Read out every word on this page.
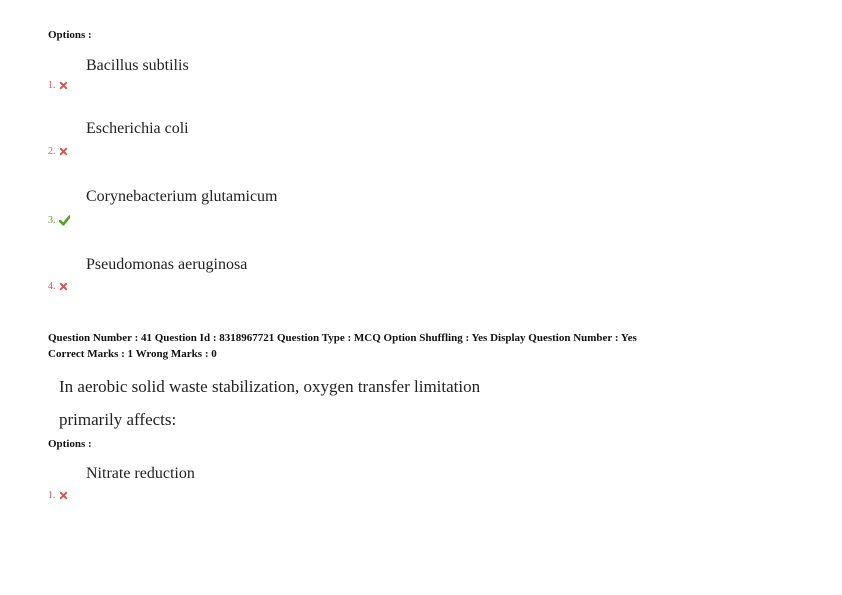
Options :
Bacillus subtilis
1.
Escherichia coli
2.
Corynebacterium glutamicum
3.
Pseudomonas aeruginosa
4.
Question Number : 41 Question Id : 8318967721 Question Type : MCQ Option Shuffling : Yes Display Question Number : Yes
Correct Marks : 1 Wrong Marks : 0
In aerobic solid waste stabilization, oxygen transfer limitation
primarily affects:
Options :
Nitrate reduction
1.
